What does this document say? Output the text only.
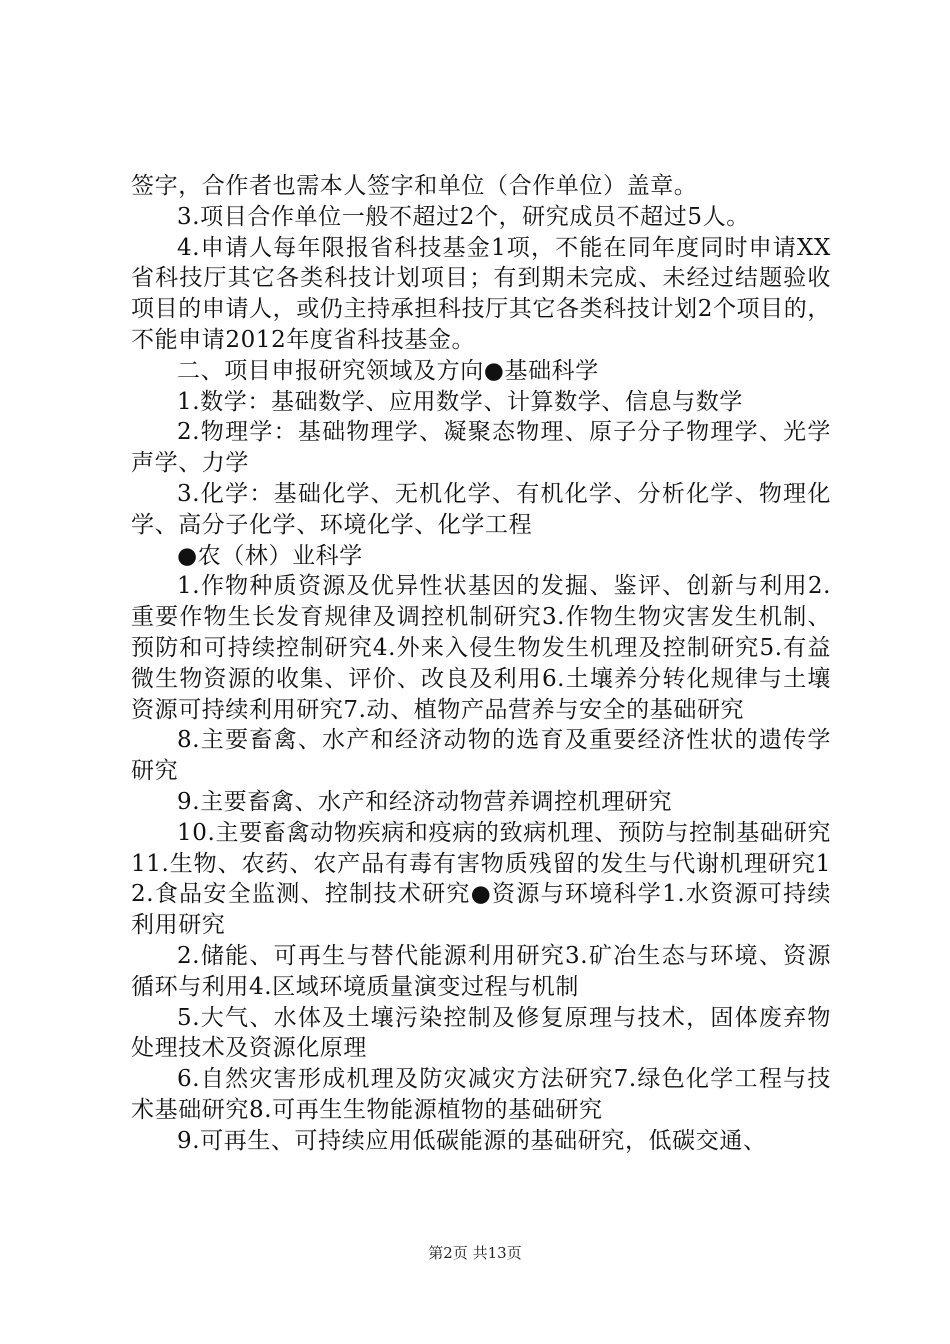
签字，合作者也需本人签字和单位（合作单位）盖章。

3.项目合作单位一般不超过2个，研究成员不超过5人。

4.申请人每年限报省科技基金1项，不能在同年度同时申请XX省科技厅其它各类科技计划项目；有到期未完成、未经过结题验收项目的申请人，或仍主持承担科技厅其它各类科技计划2个项目的，不能申请2012年度省科技基金。

二、项目申报研究领域及方向●基础科学

1.数学：基础数学、应用数学、计算数学、信息与数学

2.物理学：基础物理学、凝聚态物理、原子分子物理学、光学声学、力学

3.化学：基础化学、无机化学、有机化学、分析化学、物理化学、高分子化学、环境化学、化学工程

●农（林）业科学

1.作物种质资源及优异性状基因的发掘、鉴评、创新与利用2.重要作物生长发育规律及调控机制研究3.作物生物灾害发生机制、预防和可持续控制研究4.外来入侵生物发生机理及控制研究5.有益微生物资源的收集、评价、改良及利用6.土壤养分转化规律与土壤资源可持续利用研究7.动、植物产品营养与安全的基础研究

8.主要畜禽、水产和经济动物的选育及重要经济性状的遗传学研究

9.主要畜禽、水产和经济动物营养调控机理研究

10.主要畜禽动物疾病和疫病的致病机理、预防与控制基础研究11.生物、农药、农产品有毒有害物质残留的发生与代谢机理研究12.食品安全监测、控制技术研究●资源与环境科学1.水资源可持续利用研究

2.储能、可再生与替代能源利用研究3.矿冶生态与环境、资源循环与利用4.区域环境质量演变过程与机制

5.大气、水体及土壤污染控制及修复原理与技术，固体废弃物处理技术及资源化原理

6.自然灾害形成机理及防灾减灾方法研究7.绿色化学工程与技术基础研究8.可再生生物能源植物的基础研究

9.可再生、可持续应用低碳能源的基础研究，低碳交通、

第2页 共13页
